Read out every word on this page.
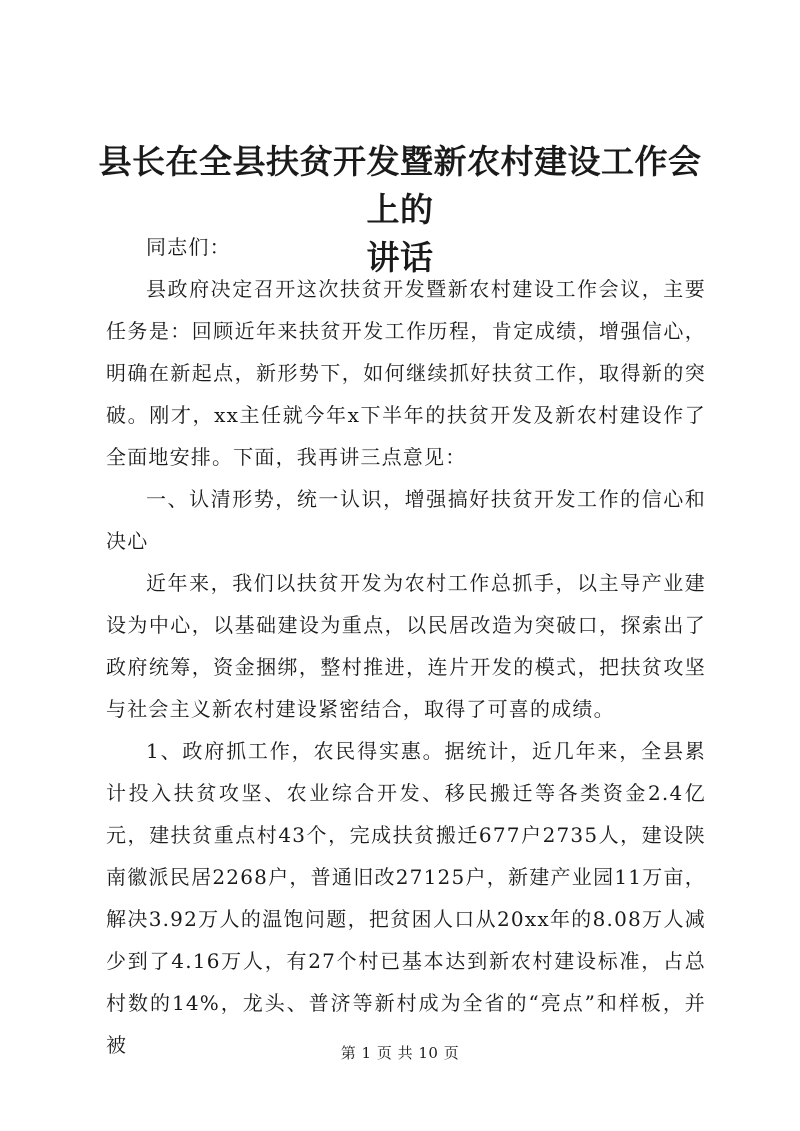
县长在全县扶贫开发暨新农村建设工作会上的
讲话

同志们：

县政府决定召开这次扶贫开发暨新农村建设工作会议，主要任务是：回顾近年来扶贫开发工作历程，肯定成绩，增强信心，明确在新起点，新形势下，如何继续抓好扶贫工作，取得新的突破。刚才，xx主任就今年x下半年的扶贫开发及新农村建设作了全面地安排。下面，我再讲三点意见：

一、认清形势，统一认识，增强搞好扶贫开发工作的信心和决心

近年来，我们以扶贫开发为农村工作总抓手，以主导产业建设为中心，以基础建设为重点，以民居改造为突破口，探索出了政府统筹，资金捆绑，整村推进，连片开发的模式，把扶贫攻坚与社会主义新农村建设紧密结合，取得了可喜的成绩。

1、政府抓工作，农民得实惠。据统计，近几年来，全县累计投入扶贫攻坚、农业综合开发、移民搬迁等各类资金2.4亿元，建扶贫重点村43个，完成扶贫搬迁677户2735人，建设陕南徽派民居2268户，普通旧改27125户，新建产业园11万亩，解决3.92万人的温饱问题，把贫困人口从20xx年的8.08万人减少到了4.16万人，有27个村已基本达到新农村建设标准，占总村数的14%，龙头、普济等新村成为全省的“亮点”和样板，并被	第 1 页 共 10 页
